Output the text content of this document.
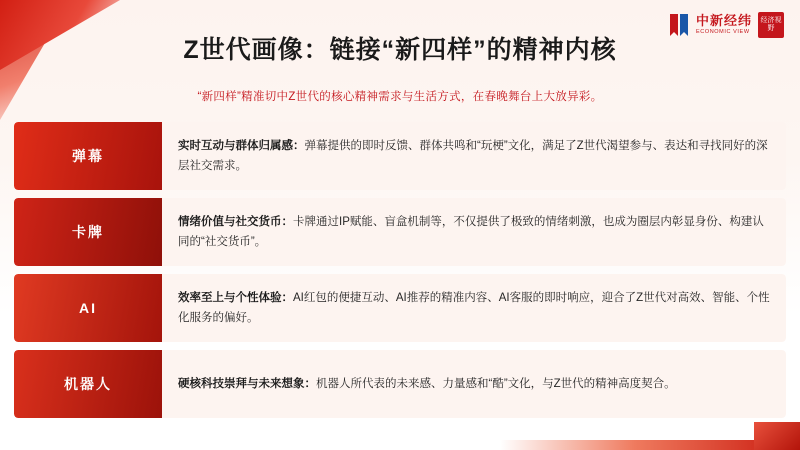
中新经纬
ECONOMIC VIEW
经济视野
Z世代画像：链接“新四样”的精神内核
“新四样”精准切中Z世代的核心精神需求与生活方式，在春晚舞台上大放异彩。
弹幕
实时互动与群体归属感：弹幕提供的即时反馈、群体共鸣和“玩梗”文化，满足了Z世代渴望参与、表达和寻找同好的深层社交需求。
卡牌
情绪价值与社交货币：卡牌通过IP赋能、盲盒机制等，不仅提供了极致的情绪刺激，也成为圈层内彰显身份、构建认同的“社交货币”。
AI
效率至上与个性体验：AI红包的便捷互动、AI推荐的精准内容、AI客服的即时响应，迎合了Z世代对高效、智能、个性化服务的偏好。
机器人	硬核科技崇拜与未来想象：机器人所代表的未来感、力量感和“酷”文化，与Z世代的精神高度契合。
